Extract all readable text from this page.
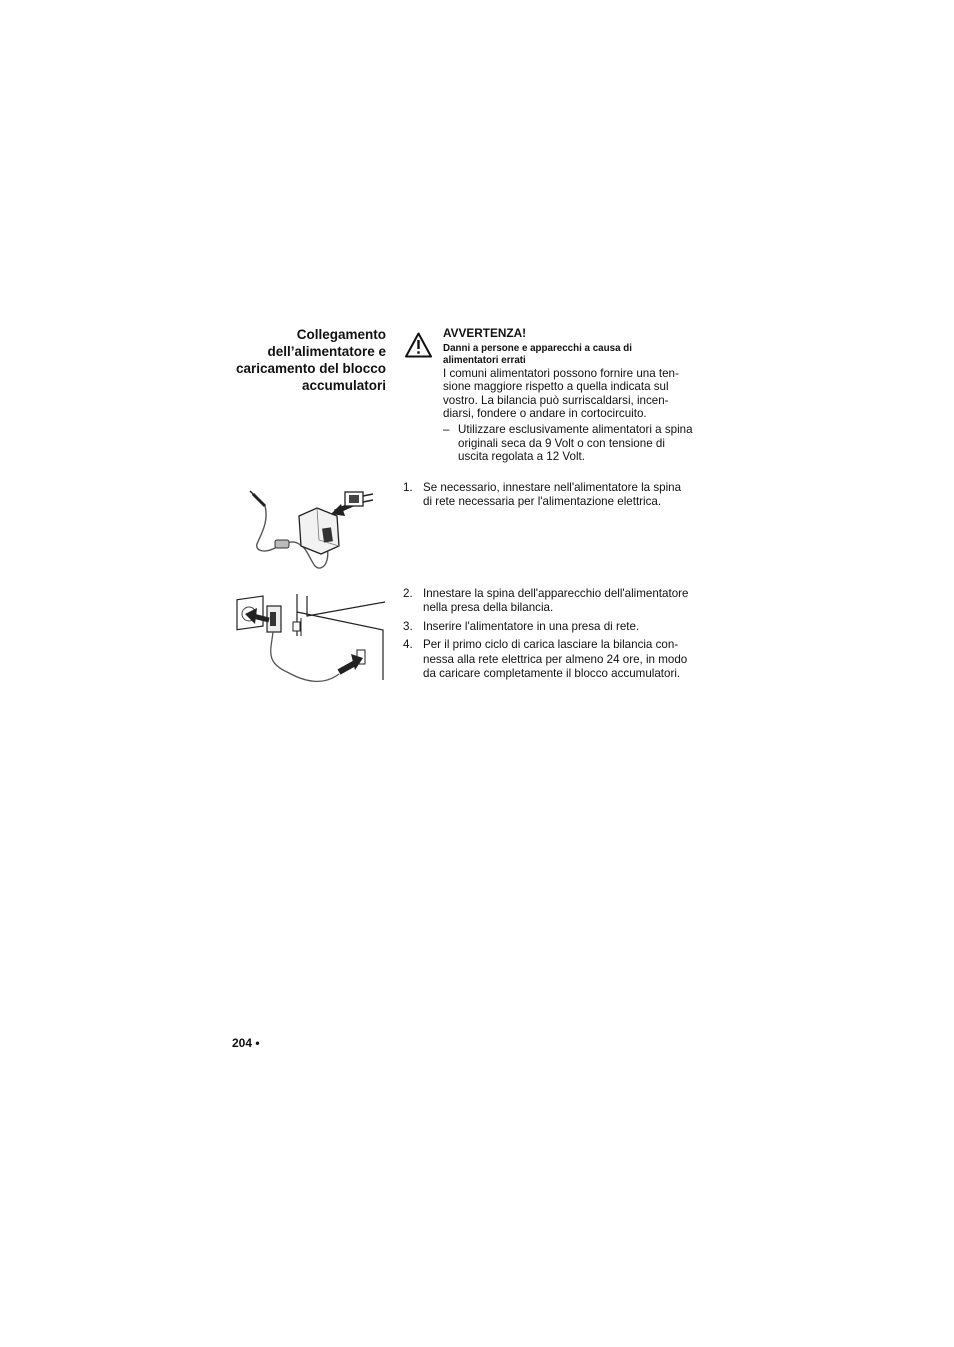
Collegamento
dell’alimentatore e
caricamento del blocco
accumulatori
AVVERTENZA!
Danni a persone e apparecchi a causa di
alimentatori errati
I comuni alimentatori possono fornire una ten-
sione maggiore rispetto a quella indicata sul
vostro. La bilancia può surriscaldarsi, incen-
diarsi, fondere o andare in cortocircuito.
– Utilizzare esclusivamente alimentatori a spina
originali seca da 9 Volt o con tensione di
uscita regolata a 12 Volt.
1. Se necessario, innestare nell'alimentatore la spina
di rete necessaria per l'alimentazione elettrica.
2. Innestare la spina dell'apparecchio dell'alimentatore
nella presa della bilancia.
3. Inserire l'alimentatore in una presa di rete.
4. Per il primo ciclo di carica lasciare la bilancia con-
nessa alla rete elettrica per almeno 24 ore, in modo
da caricare completamente il blocco accumulatori.
204 •
